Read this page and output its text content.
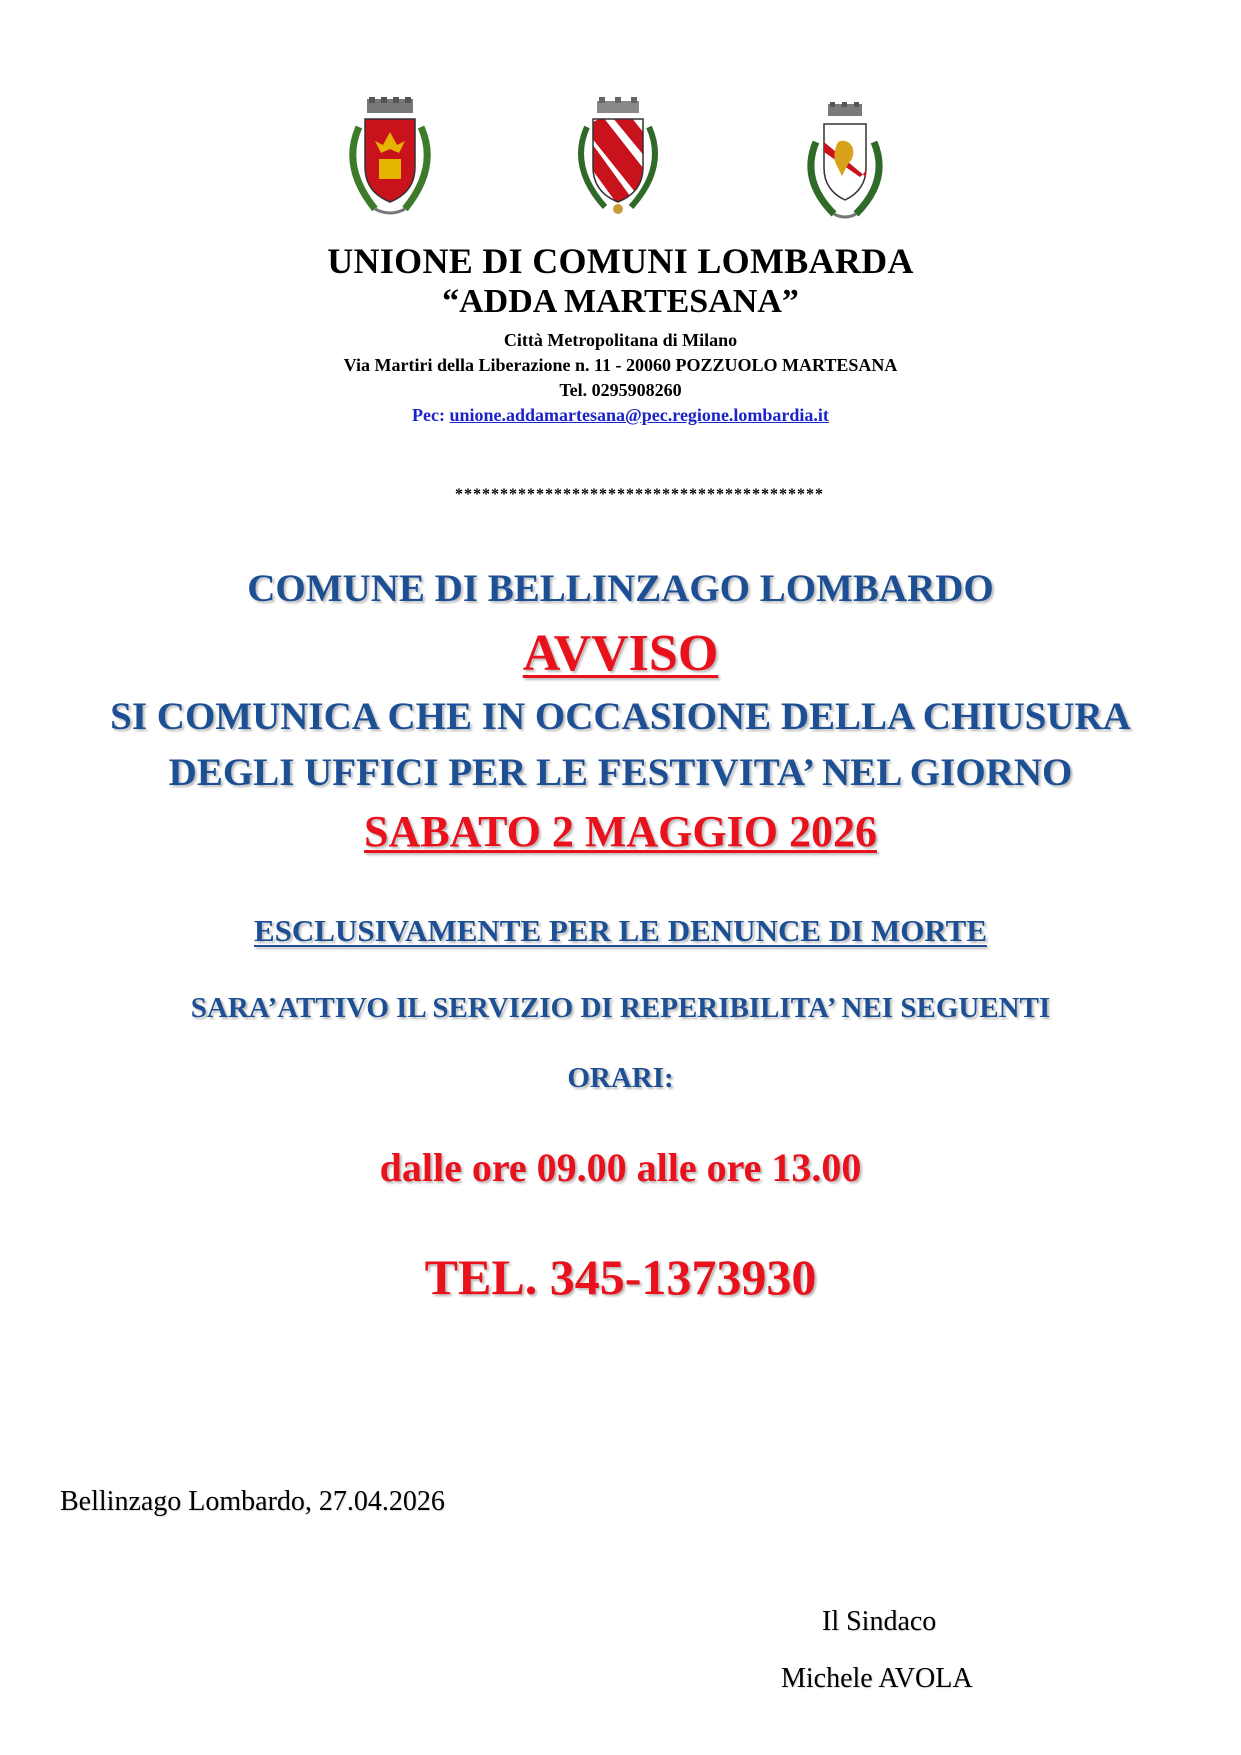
UNIONE DI COMUNI LOMBARDA
“ADDA MARTESANA”
Città Metropolitana di Milano
Via Martiri della Liberazione n. 11 - 20060 POZZUOLO MARTESANA
Tel. 0295908260
Pec: unione.addamartesana@pec.regione.lombardia.it
*****************************************
COMUNE DI BELLINZAGO LOMBARDO
AVVISO
SI COMUNICA CHE IN OCCASIONE DELLA CHIUSURA
DEGLI UFFICI PER LE FESTIVITA’ NEL GIORNO
SABATO 2 MAGGIO 2026
ESCLUSIVAMENTE PER LE DENUNCE DI MORTE
SARA’ATTIVO IL SERVIZIO DI REPERIBILITA’ NEI SEGUENTI
ORARI:
dalle ore 09.00 alle ore 13.00
TEL. 345-1373930
Bellinzago Lombardo, 27.04.2026
Il Sindaco
Michele AVOLA
